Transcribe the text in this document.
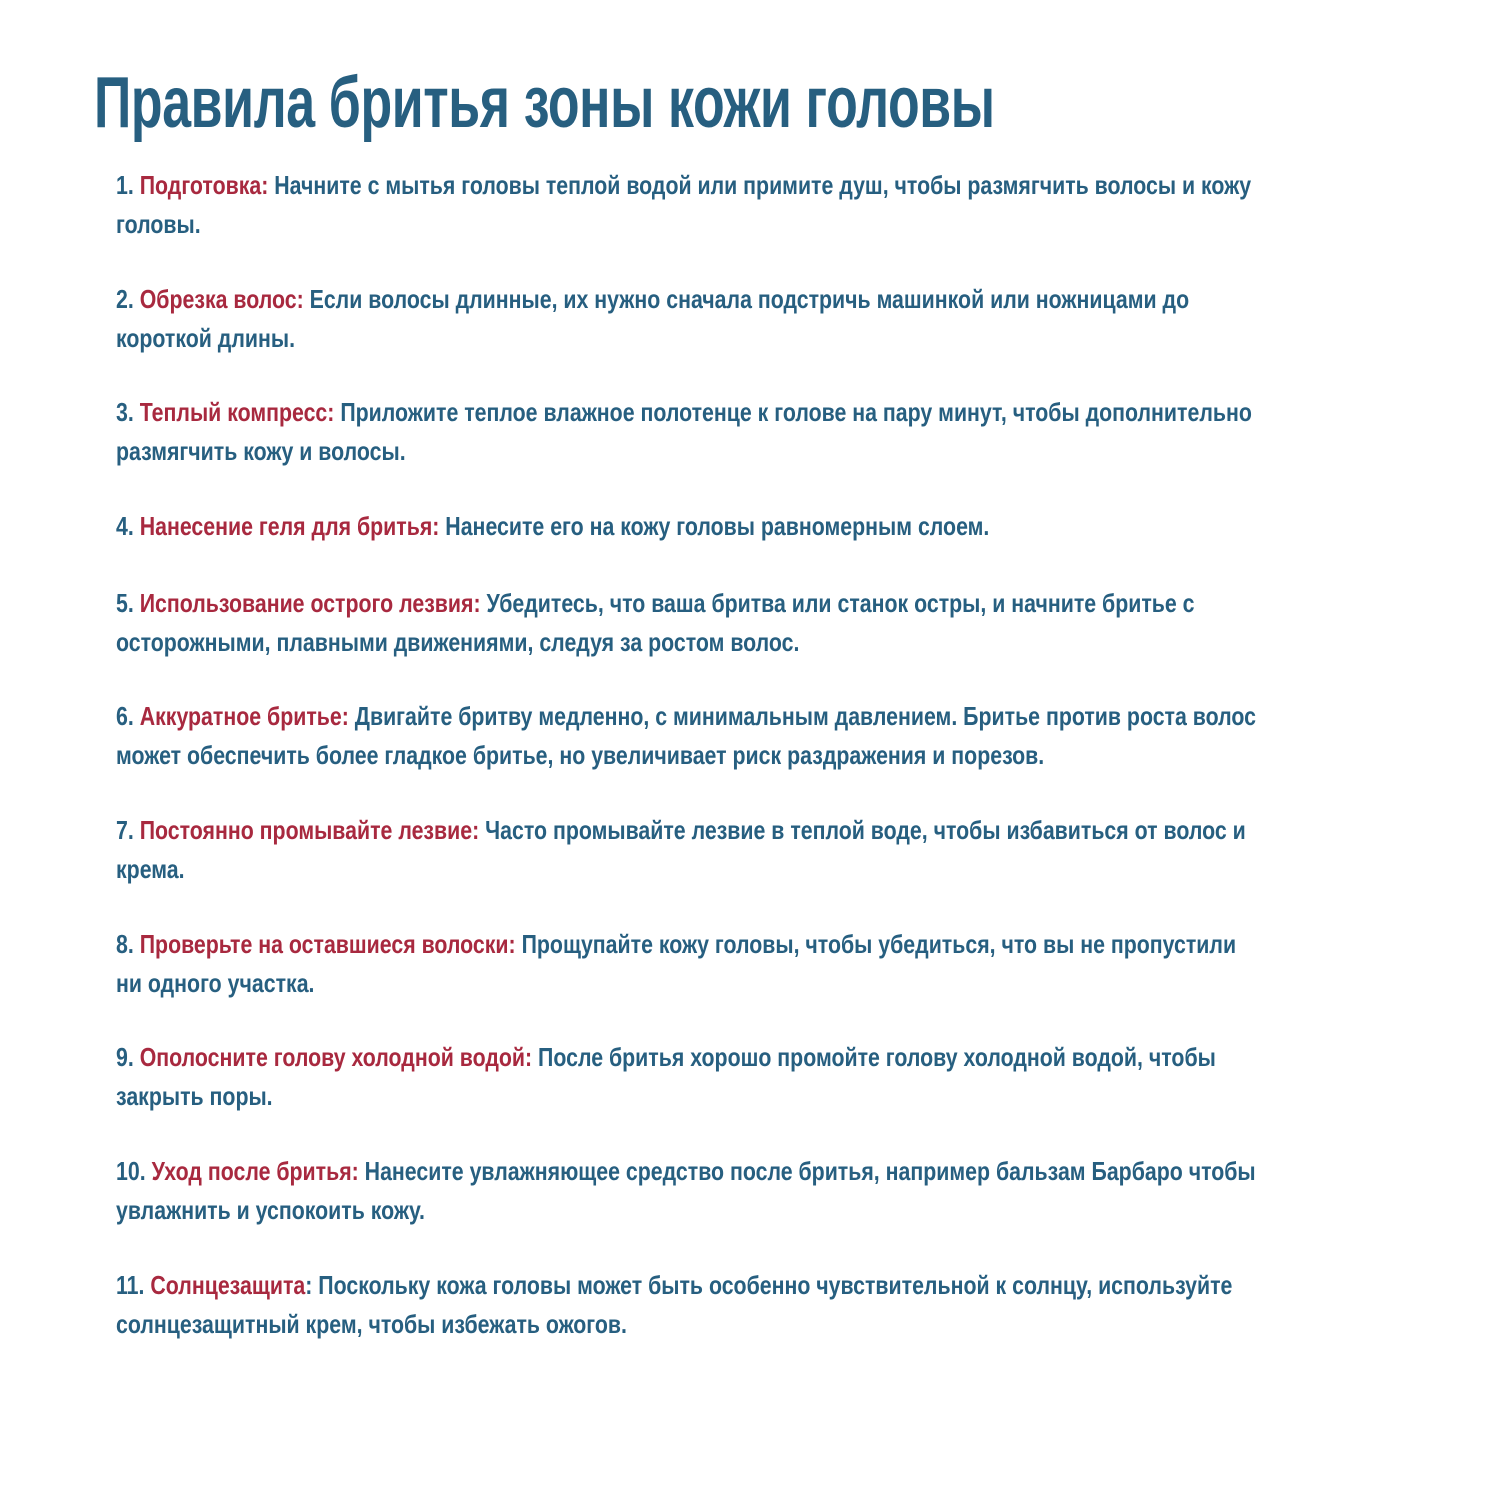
Правила бритья зоны кожи головы
1. Подготовка: Начните с мытья головы теплой водой или примите душ, чтобы размягчить волосы и кожу головы.
2. Обрезка волос: Если волосы длинные, их нужно сначала подстричь машинкой или ножницами до короткой длины.
3. Теплый компресс: Приложите теплое влажное полотенце к голове на пару минут, чтобы дополнительно размягчить кожу и волосы.
4. Нанесение геля для бритья: Нанесите его на кожу головы равномерным слоем.
5. Использование острого лезвия: Убедитесь, что ваша бритва или станок остры, и начните бритье с осторожными, плавными движениями, следуя за ростом волос.
6. Аккуратное бритье: Двигайте бритву медленно, с минимальным давлением. Бритье против роста волос может обеспечить более гладкое бритье, но увеличивает риск раздражения и порезов.
7. Постоянно промывайте лезвие: Часто промывайте лезвие в теплой воде, чтобы избавиться от волос и крема.
8. Проверьте на оставшиеся волоски: Прощупайте кожу головы, чтобы убедиться, что вы не пропустили ни одного участка.
9. Ополосните голову холодной водой: После бритья хорошо промойте голову холодной водой, чтобы закрыть поры.
10. Уход после бритья: Нанесите увлажняющее средство после бритья, например бальзам Барбаро чтобы увлажнить и успокоить кожу.
11. Солнцезащита: Поскольку кожа головы может быть особенно чувствительной к солнцу, используйте солнцезащитный крем, чтобы избежать ожогов.
